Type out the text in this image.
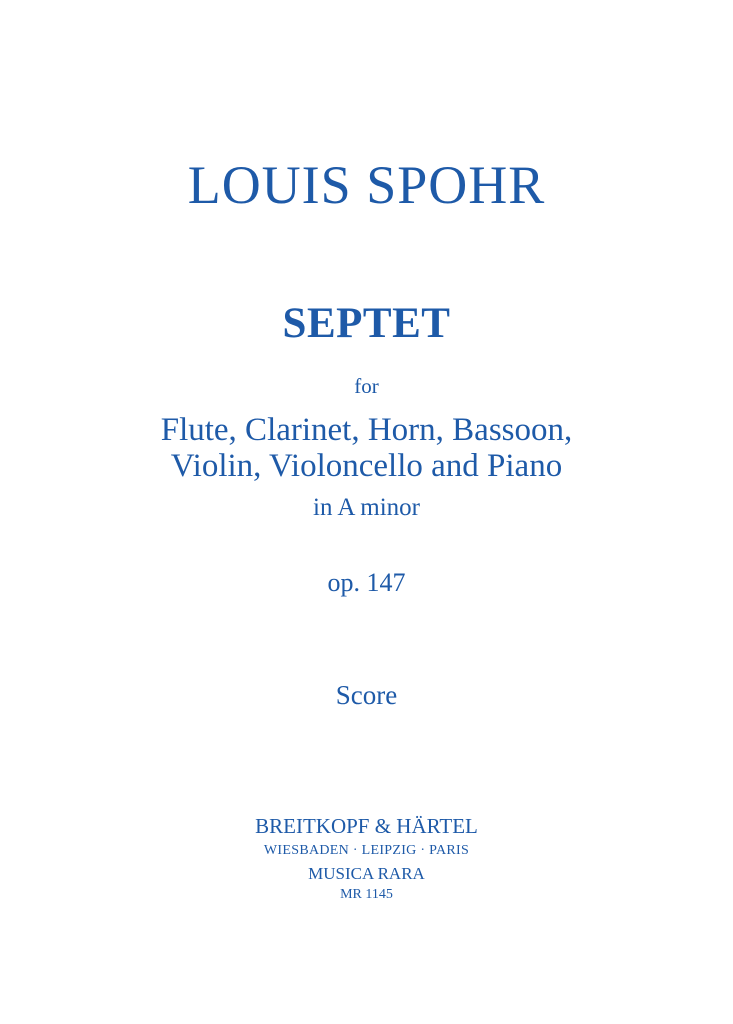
LOUIS SPOHR
SEPTET

for

Flute, Clarinet, Horn, Bassoon,

Violin, Violoncello and Piano

in A minor

op. 147

Score

BREITKOPF & HÄRTEL

WIESBADEN · LEIPZIG · PARIS

MUSICA RARA

MR 1145
